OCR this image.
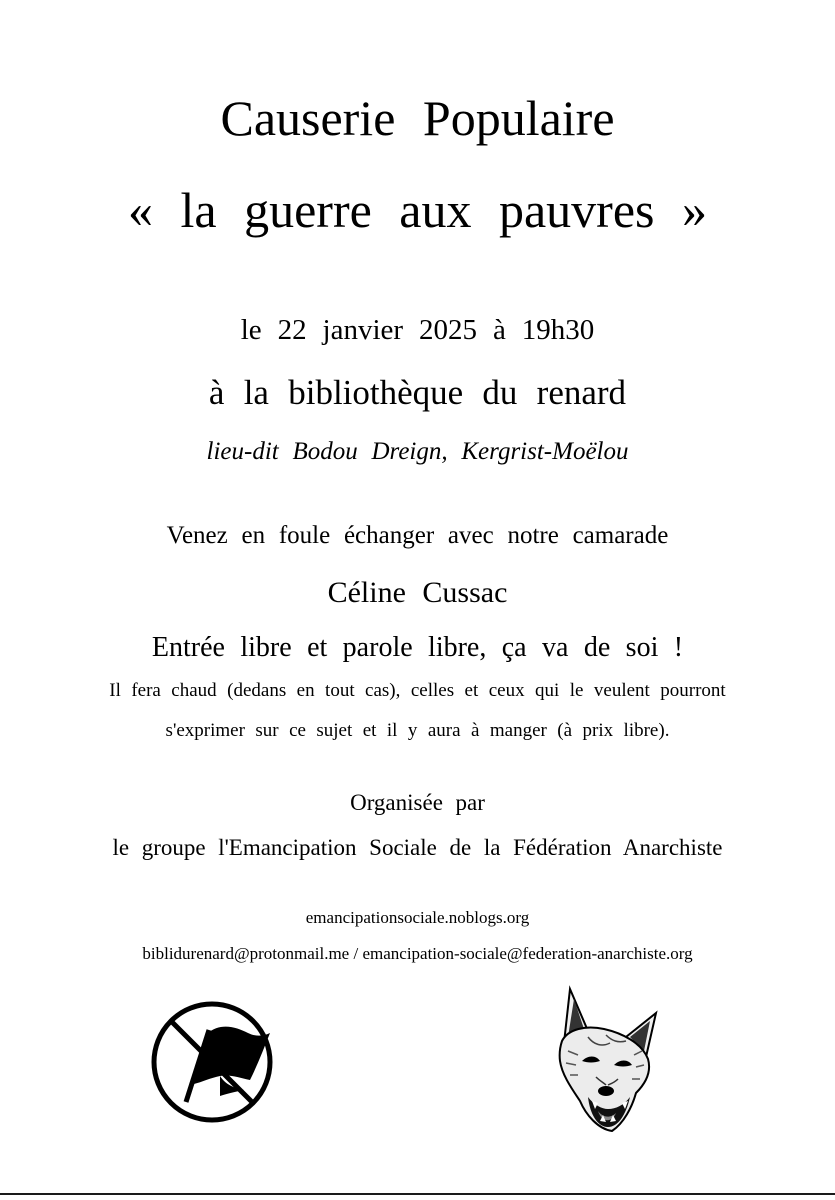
Causerie Populaire
« la guerre aux pauvres »
le 22 janvier 2025 à 19h30
à la bibliothèque du renard
lieu-dit Bodou Dreign, Kergrist-Moëlou
Venez en foule échanger avec notre camarade
Céline Cussac
Entrée libre et parole libre, ça va de soi !
Il fera chaud (dedans en tout cas), celles et ceux qui le veulent pourront
s'exprimer sur ce sujet et il y aura à manger (à prix libre).
Organisée par
le groupe l'Emancipation Sociale de la Fédération Anarchiste
emancipationsociale.noblogs.org
biblidurenard@protonmail.me / emancipation-sociale@federation-anarchiste.org
